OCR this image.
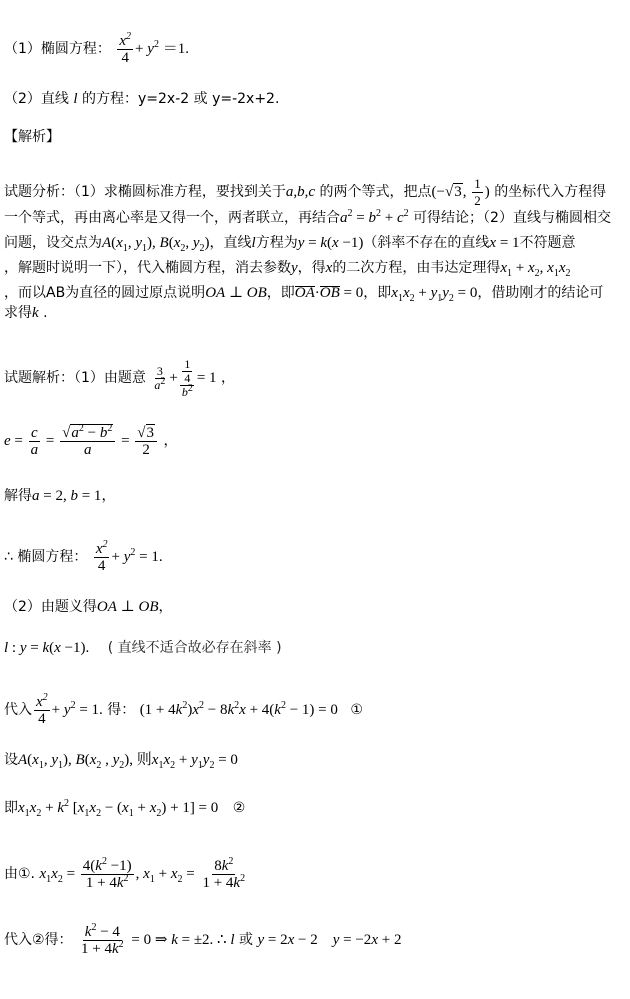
（1）椭圆方程： $\frac{x^2}{4} + y^2 =1$.
（2）直线 l 的方程：y=2x-2 或 y=-2x+2.
【解析】
试题分析：（1）求椭圆标准方程，要找到关于a,b,c 的两个等式，把点(−√3, $\frac{1}{2}$ ) 的坐标代入方程得
一个等式，再由离心率是又得一个，两者联立，再结合$a^2 = b^2 + c^2$ 可得结论；（2）直线与椭圆相交
问题，设交点为$A(x_1$, $y_1$), $B(x_2$, $y_2$)，直线l方程为y = k(x −1)（斜率不存在的直线x = 1不符题意
，解题时说明一下），代入椭圆方程，消去参数y，得x的二次方程，由韦达定理得$x_1 + x_2$, $x_1x_2$
，而以AB为直径的圆过原点说明OA ⊥ OB，即OA·OB = 0，即$x_1x_2 + y_1y_2 = 0$，借助刚才的结论可
求得k .
试题解析：（1）由题意 $\frac{3}{a^2} + \frac{\frac{1}{4}}{b^2} = 1$ ，
$e = \frac{c}{a} = \frac{√a^2 - b^2}{a} = \frac{√3}{2}$ ，
解得a = 2, b = 1，
∴ 椭圆方程： $\frac{x^2}{4} + y^2 = 1$.
（2）由题义得OA ⊥ OB，
l : y = k(x −1). ( 直线不适合故必存在斜率 )
代入 $\frac{x^2}{4} + y^2 = 1$. 得： $(1 + 4k^2)x^2 - 8k^2x + 4(k^2 - 1) = 0$ ①
设$A(x_1$, $y_1$), $B(x_2$ , $y_2$), 则$x_1x_2 + y_1y_2 = 0$
即$x_1x_2 + k^2$ $[x_1x_2 - (x_1 + x_2) + 1] = 0$ ②
由①. $x_1x_2 = \frac{4(k^2 -1)}{1 + 4k^2}$ , $x_1 + x_2 = \frac{8k^2}{1 + 4k^2}$
代入②得： $\frac{k^2 - 4}{1 + 4k^2} = 0$ ⇒ k = ±2. ∴ l 或 y = 2x − 2    y = −2x + 2
